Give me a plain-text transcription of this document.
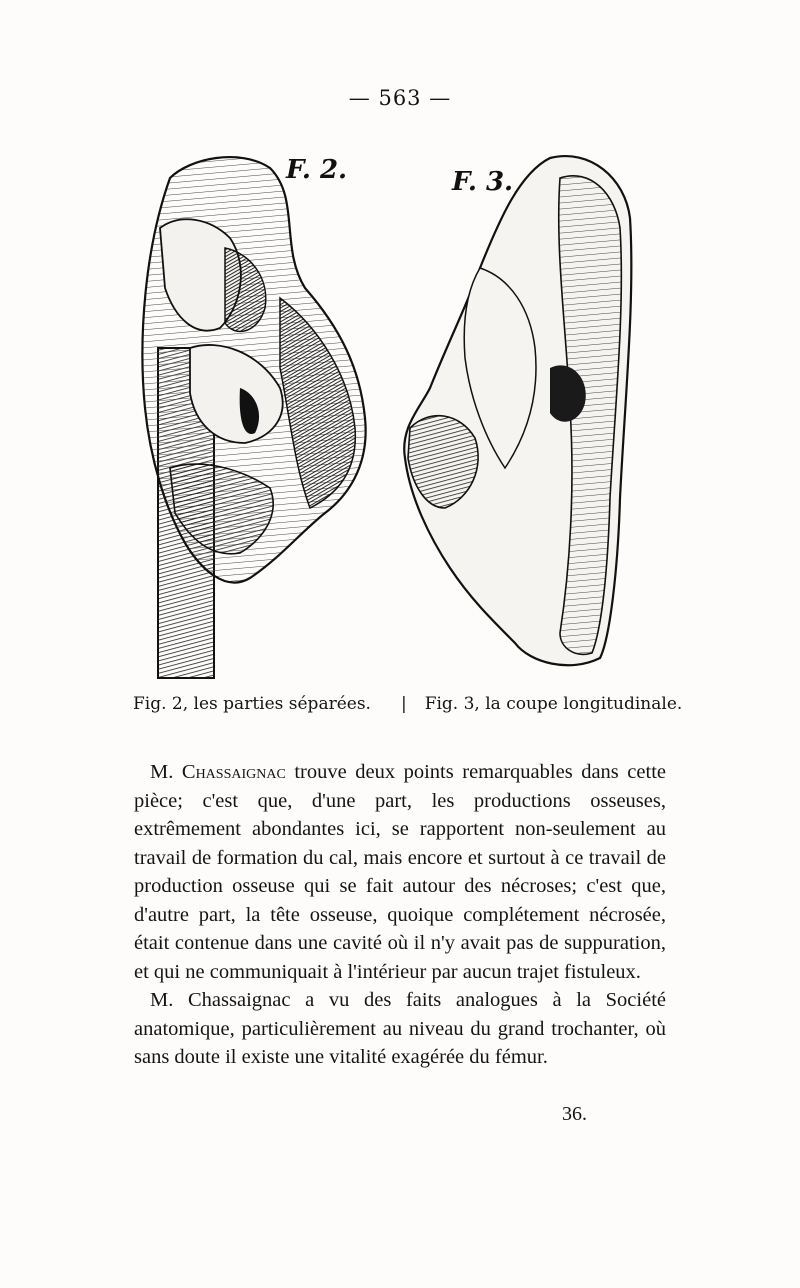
— 563 —
F. 2.	F. 3.
Fig. 2, les parties séparées. | Fig. 3, la coupe longitudinale.

M. Chassaignac trouve deux points remarquables dans cette pièce; c'est que, d'une part, les productions osseuses, extrêmement abondantes ici, se rapportent non-seulement au travail de formation du cal, mais encore et surtout à ce travail de production osseuse qui se fait autour des nécroses; c'est que, d'autre part, la tête osseuse, quoique complétement nécrosée, était contenue dans une cavité où il n'y avait pas de suppuration, et qui ne communiquait à l'intérieur par aucun trajet fistuleux.

M. Chassaignac a vu des faits analogues à la Société anatomique, particulièrement au niveau du grand trochanter, où sans doute il existe une vitalité exagérée du fémur.

36.
